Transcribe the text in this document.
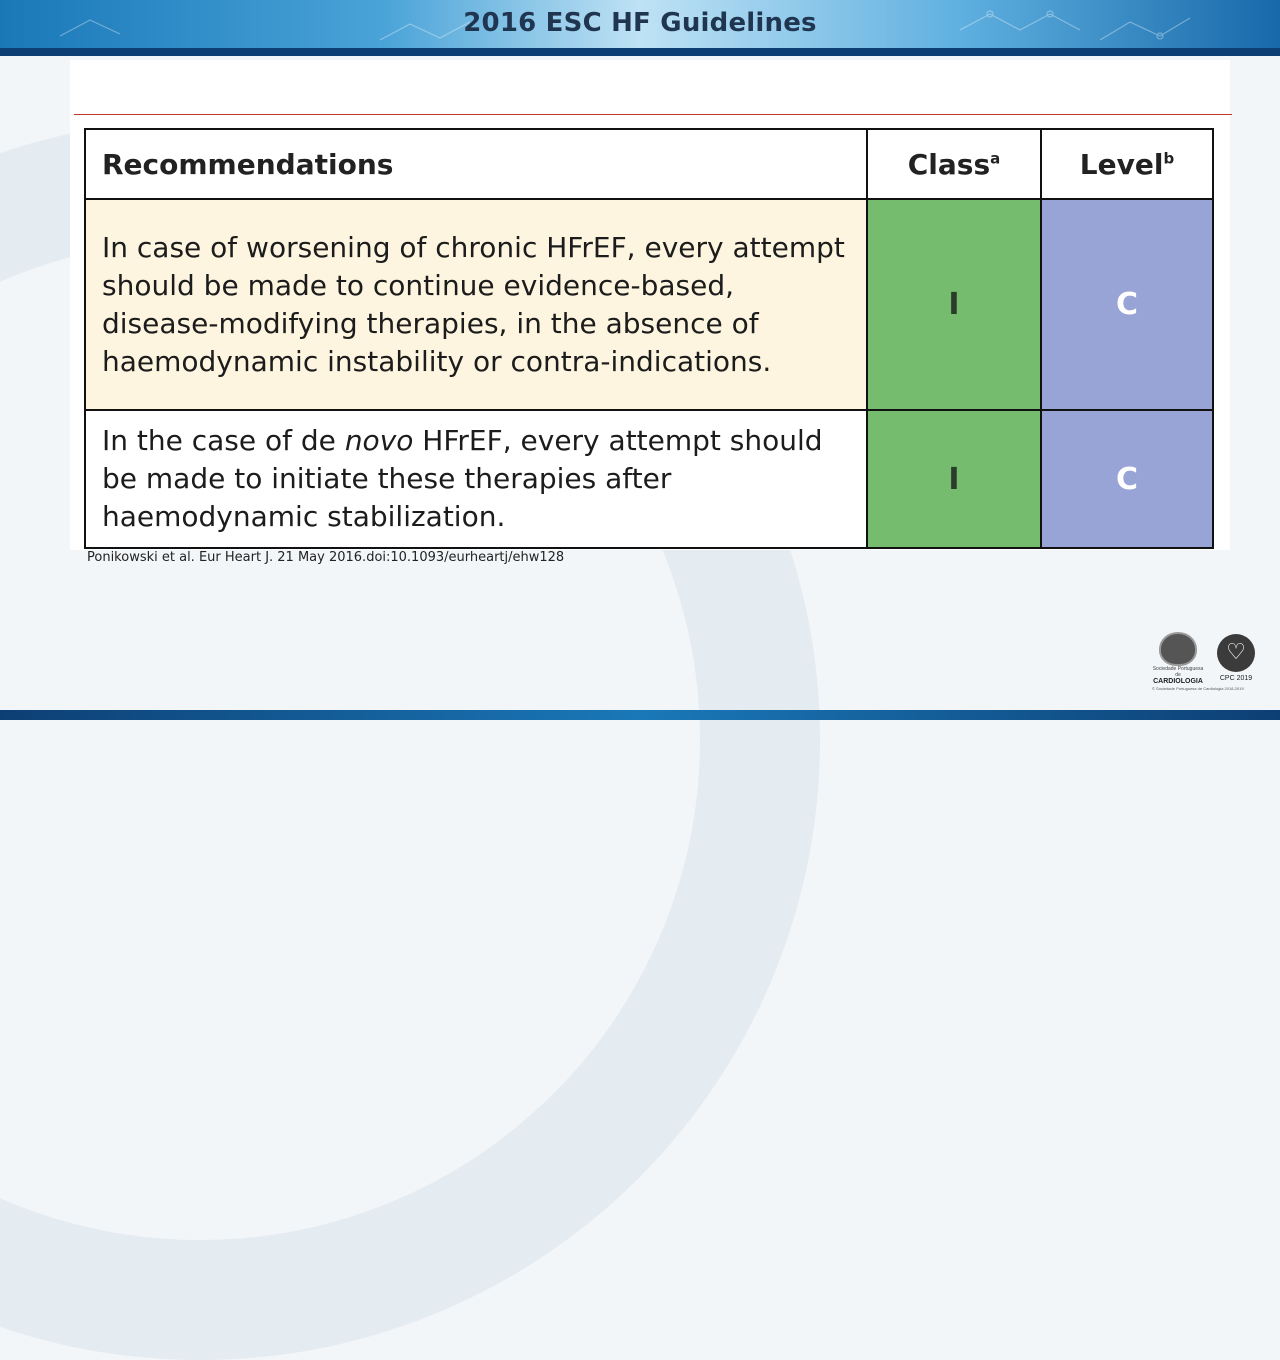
2016 ESC HF Guidelines
Recommendations	Class$^a$	Level$^b$
In case of worsening of chronic HFrEF, every attempt should be made to continue evidence-based, disease-modifying therapies, in the absence of haemodynamic instability or contra-indications.	I	C
In the case of de novo HFrEF, every attempt should be made to initiate these therapies after haemodynamic stabilization.	I	C
Ponikowski et al. Eur Heart J. 21 May 2016.doi:10.1093/eurheartj/ehw128
Sociedade Portuguesa de
CARDIOLOGIA
♡
CPC 2019
© Sociedade Portuguesa de Cardiologia 2018-2019
